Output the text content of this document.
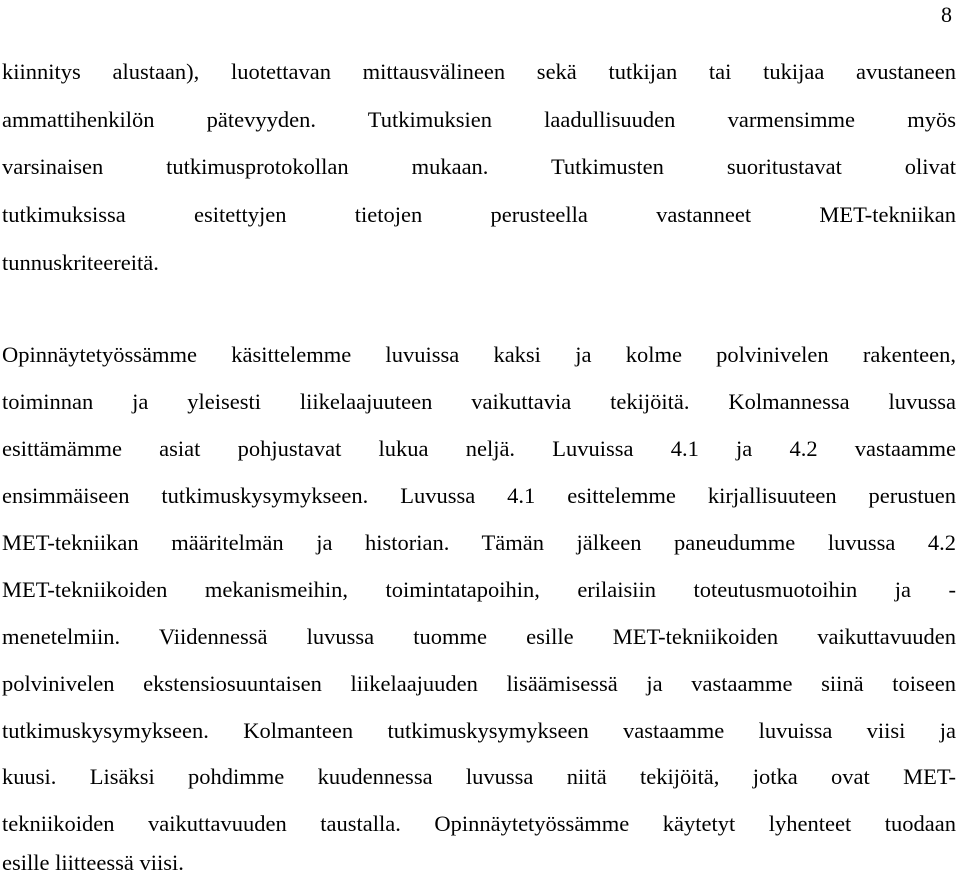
8
kiinnitys alustaan), luotettavan mittausvälineen sekä tutkijan tai tukijaa avustaneen
ammattihenkilön pätevyyden. Tutkimuksien laadullisuuden varmensimme myös
varsinaisen tutkimusprotokollan mukaan. Tutkimusten suoritustavat olivat
tutkimuksissa esitettyjen tietojen perusteella vastanneet MET-tekniikan
tunnuskriteereitä.
Opinnäytetyössämme käsittelemme luvuissa kaksi ja kolme polvinivelen rakenteen,
toiminnan ja yleisesti liikelaajuuteen vaikuttavia tekijöitä. Kolmannessa luvussa
esittämämme asiat pohjustavat lukua neljä. Luvuissa 4.1 ja 4.2 vastaamme
ensimmäiseen tutkimuskysymykseen. Luvussa 4.1 esittelemme kirjallisuuteen perustuen
MET-tekniikan määritelmän ja historian. Tämän jälkeen paneudumme luvussa 4.2
MET-tekniikoiden mekanismeihin, toimintatapoihin, erilaisiin toteutusmuotoihin ja -
menetelmiin. Viidennessä luvussa tuomme esille MET-tekniikoiden vaikuttavuuden
polvinivelen ekstensiosuuntaisen liikelaajuuden lisäämisessä ja vastaamme siinä toiseen
tutkimuskysymykseen. Kolmanteen tutkimuskysymykseen vastaamme luvuissa viisi ja
kuusi. Lisäksi pohdimme kuudennessa luvussa niitä tekijöitä, jotka ovat MET-
tekniikoiden vaikuttavuuden taustalla. Opinnäytetyössämme käytetyt lyhenteet tuodaan
esille liitteessä viisi.
